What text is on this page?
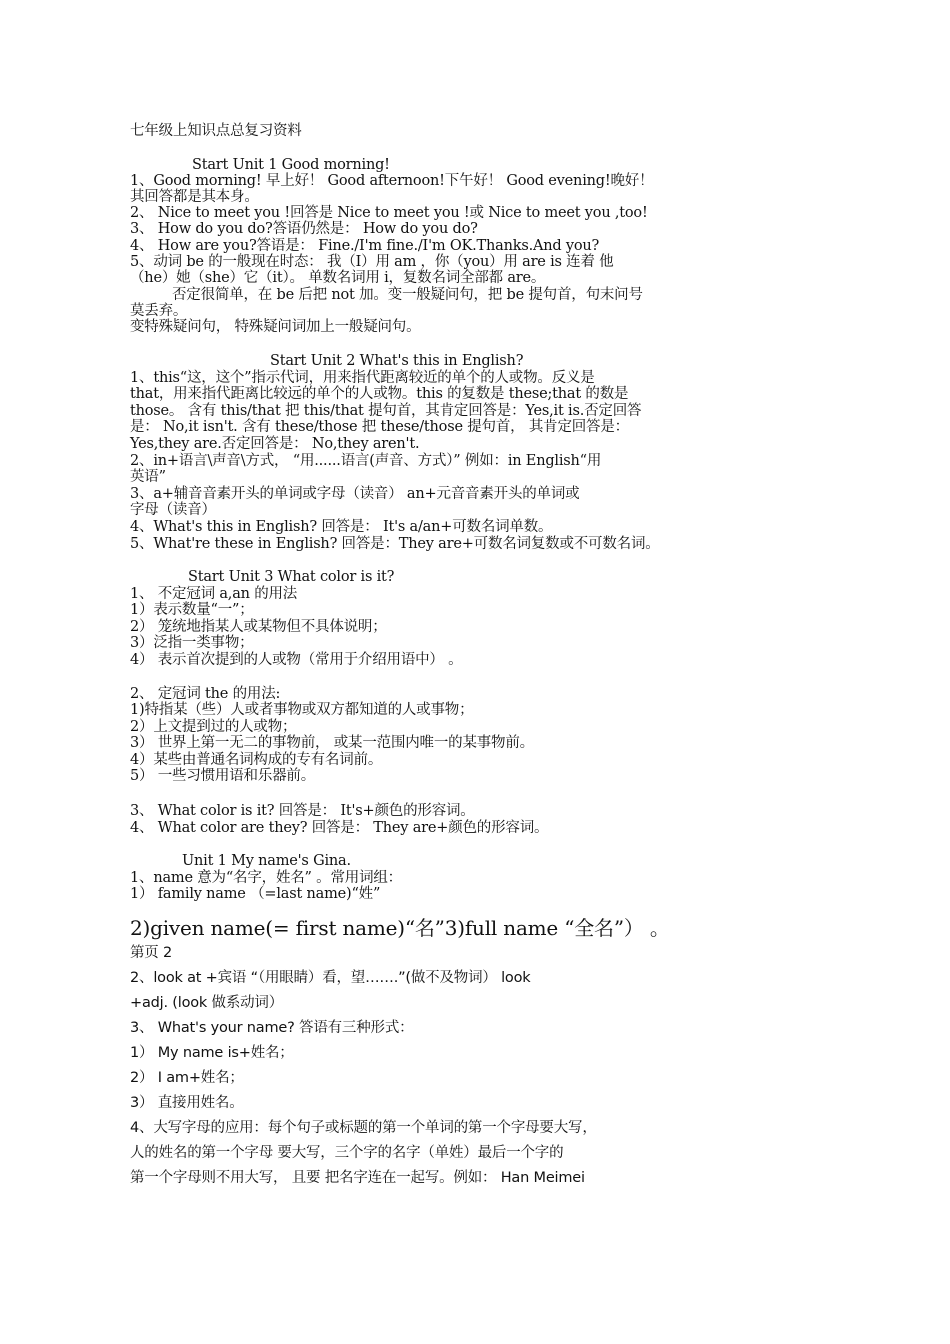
七年级上知识点总复习资料
Start Unit 1 Good morning!
1、Good morning! 早上好！ Good afternoon!下午好！ Good evening!晚好！
其回答都是其本身。
2、 Nice to meet you !回答是 Nice to meet you !或 Nice to meet you ,too!
3、 How do you do?答语仍然是： How do you do?
4、 How are you?答语是： Fine./I'm fine./I'm OK.Thanks.And you?
5、动词 be 的一般现在时态： 我（I）用 am ，你（you）用 are is 连着 他
（he）她（she）它（it）。 单数名词用 i，复数名词全部都 are。
否定很简单，在 be 后把 not 加。变一般疑问句，把 be 提句首，句末问号
莫丢弃。
变特殊疑问句， 特殊疑问词加上一般疑问句。
Start Unit 2 What's this in English?
1、this“这，这个”指示代词，用来指代距离较近的单个的人或物。反义是
that，用来指代距离比较远的单个的人或物。this 的复数是 these;that 的数是
those。 含有 this/that 把 this/that 提句首，其肯定回答是：Yes,it is.否定回答
是： No,it isn't. 含有 these/those 把 these/those 提句首， 其肯定回答是：
Yes,they are.否定回答是： No,they aren't.
2、in+语言\声音\方式， “用......语言(声音、方式）” 例如：in English“用
英语”
3、a+辅音音素开头的单词或字母（读音） an+元音音素开头的单词或
字母（读音）
4、What's this in English? 回答是： It's a/an+可数名词单数。
5、What're these in English? 回答是：They are+可数名词复数或不可数名词。
Start Unit 3 What color is it?
1、 不定冠词 a,an 的用法
1）表示数量“一”；
2） 笼统地指某人或某物但不具体说明；
3）泛指一类事物；
4） 表示首次提到的人或物（常用于介绍用语中） 。
2、 定冠词 the 的用法:
1)特指某（些）人或者事物或双方都知道的人或事物；
2）上文提到过的人或物；
3） 世界上第一无二的事物前， 或某一范围内唯一的某事物前。
4）某些由普通名词构成的专有名词前。
5） 一些习惯用语和乐器前。
3、 What color is it? 回答是： It's+颜色的形容词。
4、 What color are they? 回答是： They are+颜色的形容词。
Unit 1 My name's Gina.
1、name 意为“名字，姓名” 。常用词组：
1） family name （=last name)“姓”
2)given name(= first name)“名”3)full name “全名”） 。
第页 2
2、look at +宾语 “（用眼睛）看，望…….”(做不及物词） look
+adj. (look 做系动词）
3、 What's your name? 答语有三种形式：
1） My name is+姓名；
2） I am+姓名；
3） 直接用姓名。
4、大写字母的应用：每个句子或标题的第一个单词的第一个字母要大写，
人的姓名的第一个字母 要大写，三个字的名字（单姓）最后一个字的
第一个字母则不用大写， 且要 把名字连在一起写。例如： Han Meimei
